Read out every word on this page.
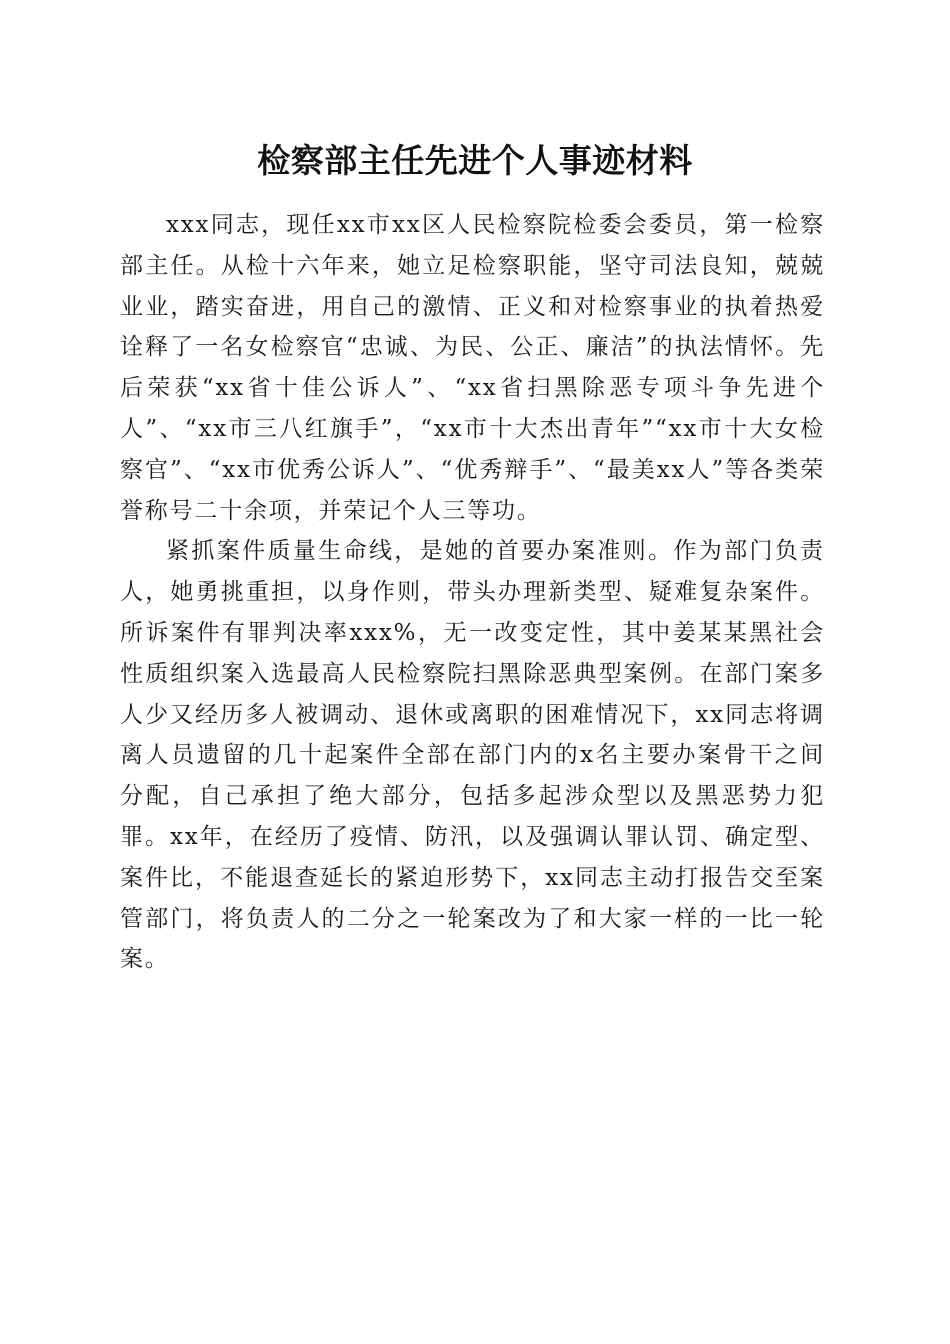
检察部主任先进个人事迹材料

xxx同志，现任xx市xx区人民检察院检委会委员，第一检察部主任。从检十六年来，她立足检察职能，坚守司法良知，兢兢业业，踏实奋进，用自己的激情、正义和对检察事业的执着热爱诠释了一名女检察官“忠诚、为民、公正、廉洁”的执法情怀。先后荣获“xx省十佳公诉人”、“xx省扫黑除恶专项斗争先进个人”、“xx市三八红旗手”，“xx市十大杰出青年”“xx市十大女检察官”、“xx市优秀公诉人”、“优秀辩手”、“最美xx人”等各类荣誉称号二十余项，并荣记个人三等功。

紧抓案件质量生命线，是她的首要办案准则。作为部门负责人，她勇挑重担，以身作则，带头办理新类型、疑难复杂案件。所诉案件有罪判决率xxx%，无一改变定性，其中姜某某黑社会性质组织案入选最高人民检察院扫黑除恶典型案例。在部门案多人少又经历多人被调动、退休或离职的困难情况下，xx同志将调离人员遗留的几十起案件全部在部门内的x名主要办案骨干之间分配，自己承担了绝大部分，包括多起涉众型以及黑恶势力犯罪。xx年，在经历了疫情、防汛，以及强调认罪认罚、确定型、案件比，不能退查延长的紧迫形势下，xx同志主动打报告交至案管部门，将负责人的二分之一轮案改为了和大家一样的一比一轮案。
